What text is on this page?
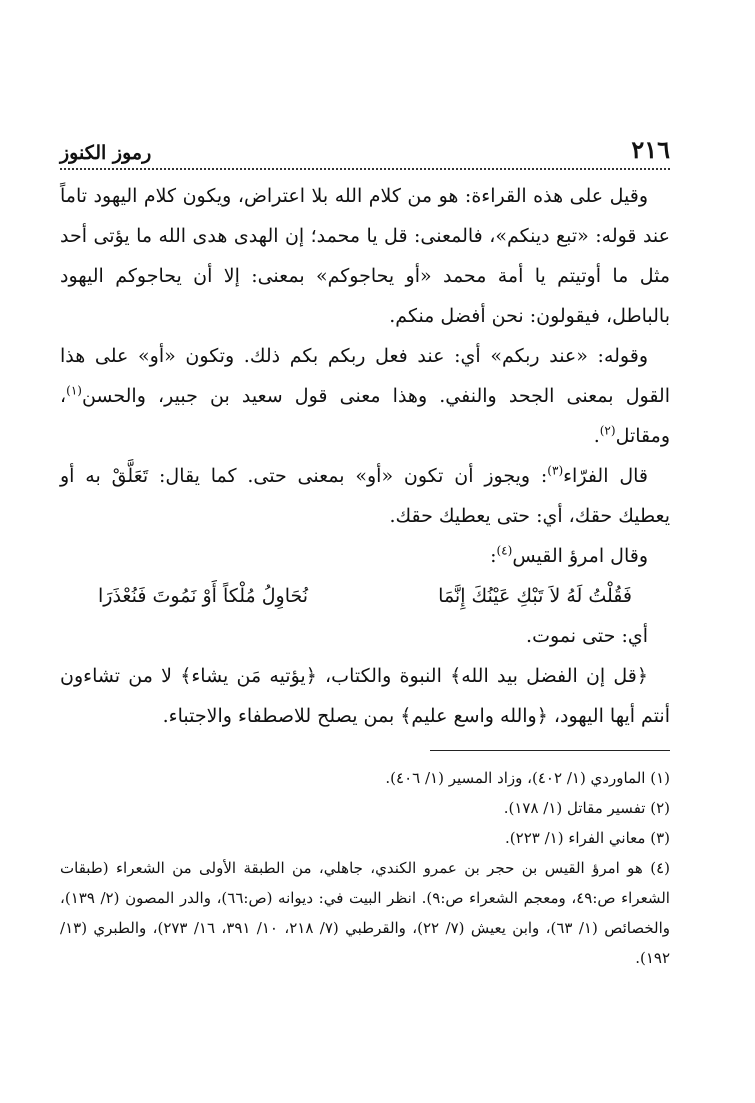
٢١٦
رموز الكنوز

وقيل على هذه القراءة: هو من كلام الله بلا اعتراض، ويكون كلام اليهود تاماً عند قوله: «تبع دينكم»، فالمعنى: قل يا محمد؛ إن الهدى هدى الله ما يؤتى أحد مثل ما أوتيتم يا أمة محمد «أو يحاجوكم» بمعنى: إلا أن يحاجوكم اليهود بالباطل، فيقولون: نحن أفضل منكم.

وقوله: «عند ربكم» أي: عند فعل ربكم بكم ذلك. وتكون «أو» على هذا القول بمعنى الجحد والنفي. وهذا معنى قول سعيد بن جبير، والحسن$^{(١)}$، ومقاتل$^{(٢)}$.

قال الفرّاء$^{(٣)}$: ويجوز أن تكون «أو» بمعنى حتى. كما يقال: تَعَلَّقْ به أو يعطيك حقك، أي: حتى يعطيك حقك.

وقال امرؤ القيس$^{(٤)}$:

فَقُلْتُ لَهُ لاَ تَبْكِ عَيْنُكَ إِنَّمَا
نُحَاوِلُ مُلْكاً أَوْ نَمُوتَ فَنُعْذَرَا

أي: حتى نموت.

﴿قل إن الفضل بيد الله﴾ النبوة والكتاب، ﴿يؤتيه مَن يشاء﴾ لا من تشاءون أنتم أيها اليهود، ﴿والله واسع عليم﴾ بمن يصلح للاصطفاء والاجتباء.

(١) الماوردي (١/ ٤٠٢)، وزاد المسير (١/ ٤٠٦).

(٢) تفسير مقاتل (١/ ١٧٨).

(٣) معاني الفراء (١/ ٢٢٣).

(٤) هو امرؤ القيس بن حجر بن عمرو الكندي، جاهلي، من الطبقة الأولى من الشعراء (طبقات الشعراء ص:٤٩، ومعجم الشعراء ص:٩). انظر البيت في: ديوانه (ص:٦٦)، والدر المصون (٢/ ١٣٩)، والخصائص (١/ ٦٣)، وابن يعيش (٧/ ٢٢)، والقرطبي (٧/ ٢١٨، ١٠/ ٣٩١، ١٦/ ٢٧٣)، والطبري (١٣/ ١٩٢).
